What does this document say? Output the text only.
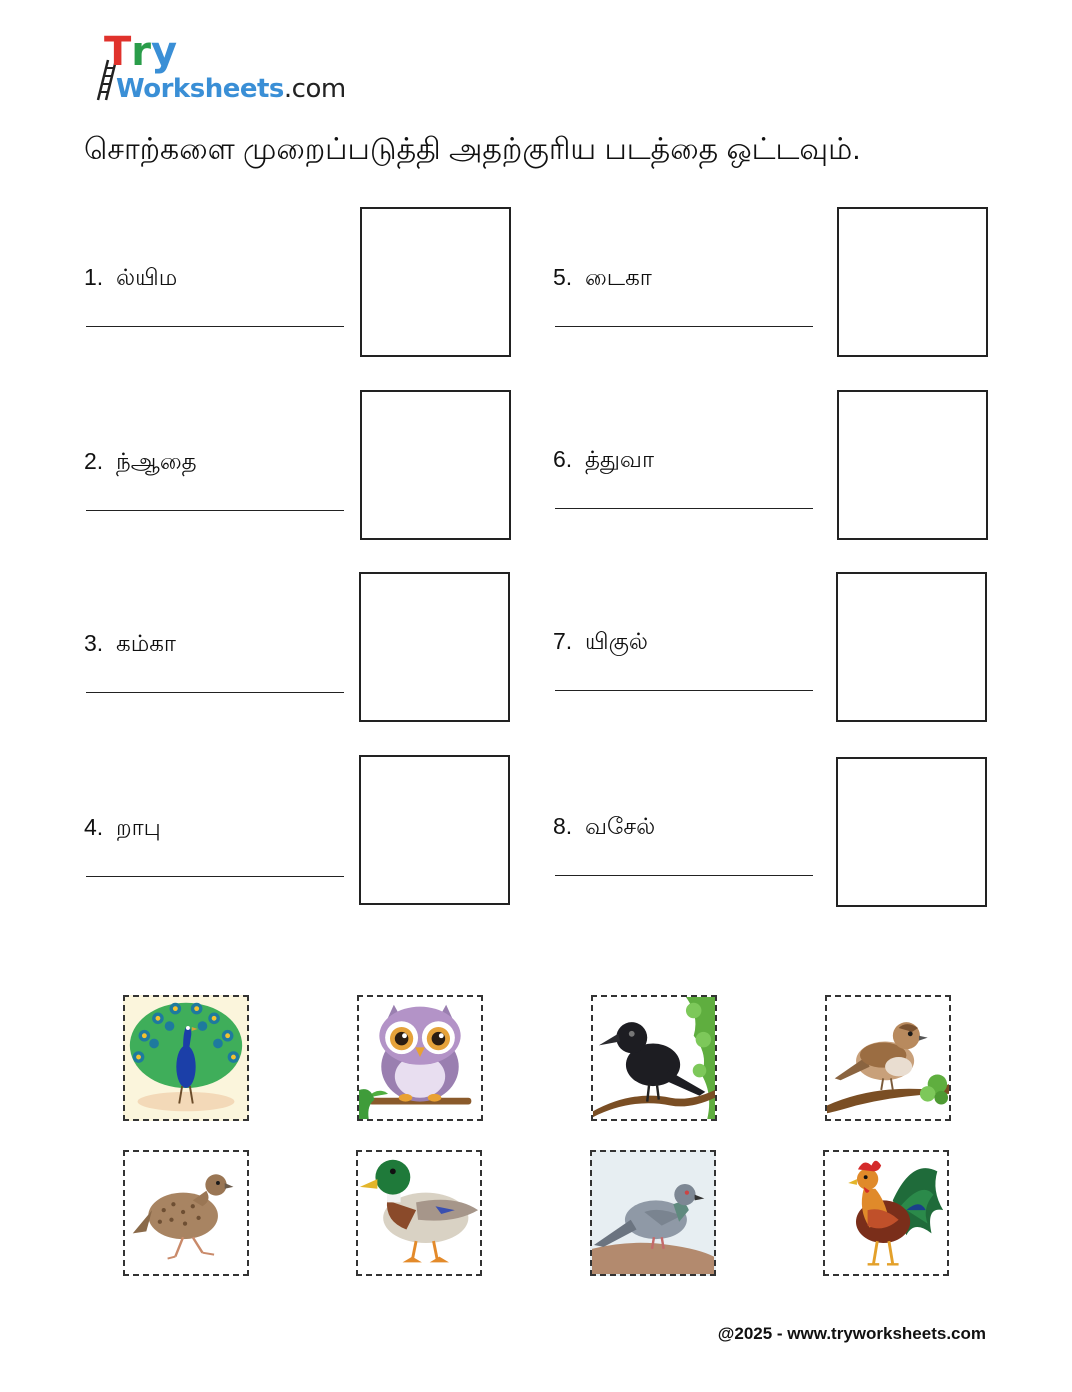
Try
Worksheets.com
சொற்களை முறைப்படுத்தி அதற்குரிய படத்தை ஒட்டவும்.
1. ல்யிம
2. ந்ஆதை
3. கம்கா
4. றாபு
5. டைகா
6. த்துவா
7. யிகுல்
8. வசேல்
@2025 - www.tryworksheets.com
